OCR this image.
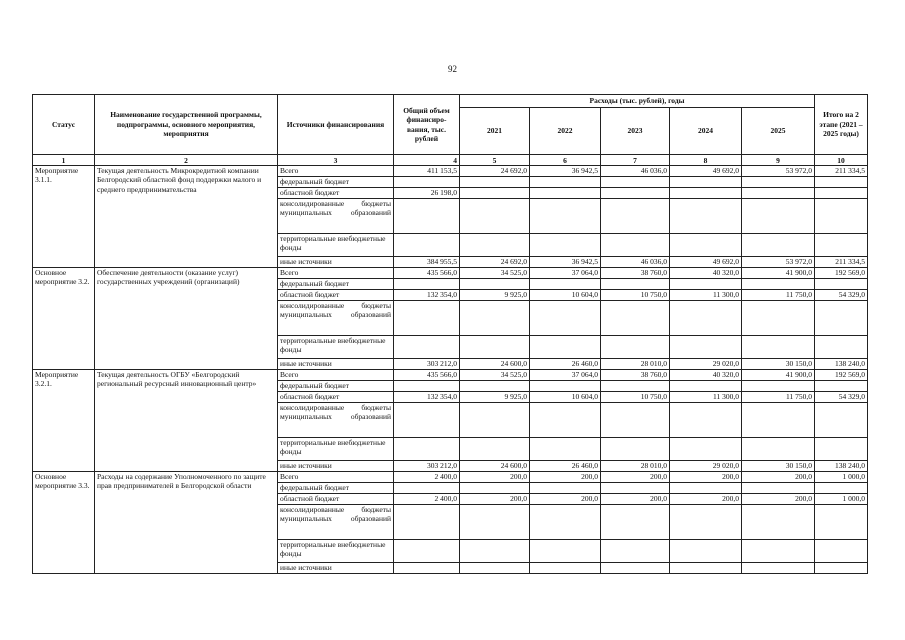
92
Статус	Наименование государственной программы, подпрограммы, основного мероприятия, мероприятия	Источники финансирования	Общий объем финансиро-вания, тыс. рублей	Расходы (тыс. рублей), годы					Итого на 2 этапе (2021 – 2025 годы)
				2021	2022	2023	2024	2025	
1	2	3	4	5	6	7	8	9	10
Мероприятие 3.1.1.	Текущая деятельность Микрокредитной компании Белгородский областной фонд поддержки малого и среднего предпринимательства	Всего	411 153,5	24 692,0	36 942,5	46 036,0	49 692,0	53 972,0	211 334,5
		федеральный бюджет							
		областной бюджет	26 198,0						
		консолидированные бюджеты муниципальных образований							
		территориальные внебюджетные фонды							
		иные источники	384 955,5	24 692,0	36 942,5	46 036,0	49 692,0	53 972,0	211 334,5
Основное мероприятие 3.2.	Обеспечение деятельности (оказание услуг) государственных учреждений (организаций)	Всего	435 566,0	34 525,0	37 064,0	38 760,0	40 320,0	41 900,0	192 569,0
		федеральный бюджет							
		областной бюджет	132 354,0	9 925,0	10 604,0	10 750,0	11 300,0	11 750,0	54 329,0
		консолидированные бюджеты муниципальных образований							
		территориальные внебюджетные фонды							
		иные источники	303 212,0	24 600,0	26 460,0	28 010,0	29 020,0	30 150,0	138 240,0
Мероприятие 3.2.1.	Текущая деятельность ОГБУ «Белгородский региональный ресурсный инновационный центр»	Всего	435 566,0	34 525,0	37 064,0	38 760,0	40 320,0	41 900,0	192 569,0
		федеральный бюджет							
		областной бюджет	132 354,0	9 925,0	10 604,0	10 750,0	11 300,0	11 750,0	54 329,0
		консолидированные бюджеты муниципальных образований							
		территориальные внебюджетные фонды							
		иные источники	303 212,0	24 600,0	26 460,0	28 010,0	29 020,0	30 150,0	138 240,0
Основное мероприятие 3.3.	Расходы на содержание Уполномоченного по защите прав предпринимателей в Белгородской области	Всего	2 400,0	200,0	200,0	200,0	200,0	200,0	1 000,0
		федеральный бюджет							
		областной бюджет	2 400,0	200,0	200,0	200,0	200,0	200,0	1 000,0
		консолидированные бюджеты муниципальных образований							
		территориальные внебюджетные фонды							
		иные источники							
